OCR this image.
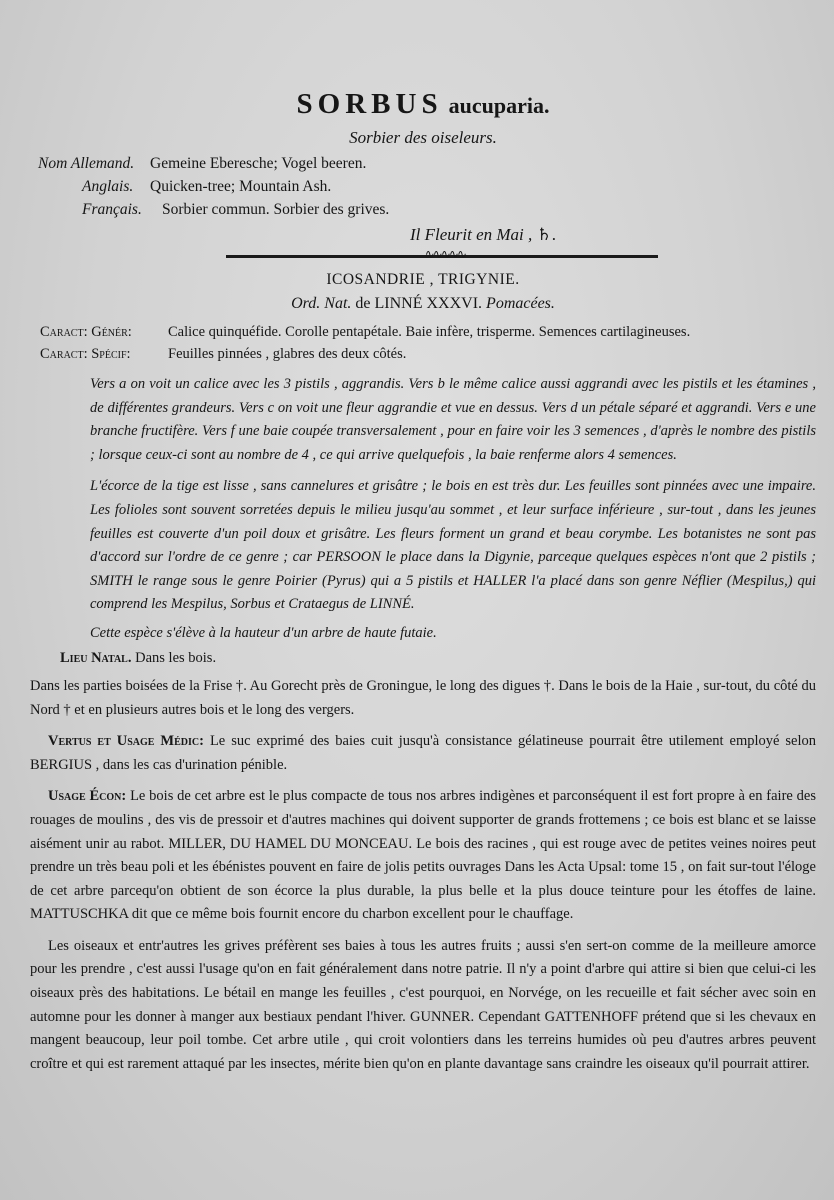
SORBUS aucuparia.
Sorbier des oiseleurs.
Nom Allemand. Gemeine Eberesche; Vogel beeren.
Anglais. Quicken-tree; Mountain Ash.
Français. Sorbier commun. Sorbier des grives.
Il Fleurit en Mai , ♄.
∿∿∿∿∿
ICOSANDRIE , TRIGYNIE.
Ord. Nat. de LINNÉ XXXVI. Pomacées.
Caract: Génér: Calice quinquéfide. Corolle pentapétale. Baie infère, trisperme. Semences cartilagineuses.
Caract: Spécif:	Feuilles pinnées , glabres des deux côtés.

Vers a on voit un calice avec les 3 pistils , aggrandis. Vers b le même calice aussi aggrandi avec les pistils et les étamines , de différentes grandeurs. Vers c on voit une fleur aggrandie et vue en dessus. Vers d un pétale séparé et aggrandi. Vers e une branche fructifère. Vers f une baie coupée transversalement , pour en faire voir les 3 semences , d'après le nombre des pistils ; lorsque ceux-ci sont au nombre de 4 , ce qui arrive quelquefois , la baie renferme alors 4 semences.

L'écorce de la tige est lisse , sans cannelures et grisâtre ; le bois en est très dur. Les feuilles sont pinnées avec une impaire. Les folioles sont souvent sorretées depuis le milieu jusqu'au sommet , et leur surface inférieure , sur-tout , dans les jeunes feuilles est couverte d'un poil doux et grisâtre. Les fleurs forment un grand et beau corymbe. Les botanistes ne sont pas d'accord sur l'ordre de ce genre ; car PERSOON le place dans la Digynie, parceque quelques espèces n'ont que 2 pistils ; SMITH le range sous le genre Poirier (Pyrus) qui a 5 pistils et HALLER l'a placé dans son genre Néflier (Mespilus,) qui comprend les Mespilus, Sorbus et Crataegus de LINNÉ.

Cette espèce s'élève à la hauteur d'un arbre de haute futaie.
Lieu Natal. Dans les bois.

Dans les parties boisées de la Frise †. Au Gorecht près de Groningue, le long des digues †. Dans le bois de la Haie , sur-tout, du côté du Nord † et en plusieurs autres bois et le long des vergers.

Vertus et Usage Médic: Le suc exprimé des baies cuit jusqu'à consistance gélatineuse pourrait être utilement employé selon BERGIUS , dans les cas d'urination pénible.

Usage Écon: Le bois de cet arbre est le plus compacte de tous nos arbres indigènes et parconséquent il est fort propre à en faire des rouages de moulins , des vis de pressoir et d'autres machines qui doivent supporter de grands frottemens ; ce bois est blanc et se laisse aisément unir au rabot. MILLER, DU HAMEL DU MONCEAU. Le bois des racines , qui est rouge avec de petites veines noires peut prendre un très beau poli et les ébénistes pouvent en faire de jolis petits ouvrages Dans les Acta Upsal: tome 15 , on fait sur-tout l'éloge de cet arbre parcequ'on obtient de son écorce la plus durable, la plus belle et la plus douce teinture pour les étoffes de laine. MATTUSCHKA dit que ce même bois fournit encore du charbon excellent pour le chauffage.

Les oiseaux et entr'autres les grives préfèrent ses baies à tous les autres fruits ; aussi s'en sert-on comme de la meilleure amorce pour les prendre , c'est aussi l'usage qu'on en fait généralement dans notre patrie. Il n'y a point d'arbre qui attire si bien que celui-ci les oiseaux près des habitations. Le bétail en mange les feuilles , c'est pourquoi, en Norvége, on les recueille et fait sécher avec soin en automne pour les donner à manger aux bestiaux pendant l'hiver. GUNNER. Cependant GATTENHOFF prétend que si les chevaux en mangent beaucoup, leur poil tombe. Cet arbre utile , qui croit volontiers dans les terreins humides où peu d'autres arbres peuvent croître et qui est rarement attaqué par les insectes, mérite bien qu'on en plante davantage sans craindre les oiseaux qu'il pourrait attirer.
